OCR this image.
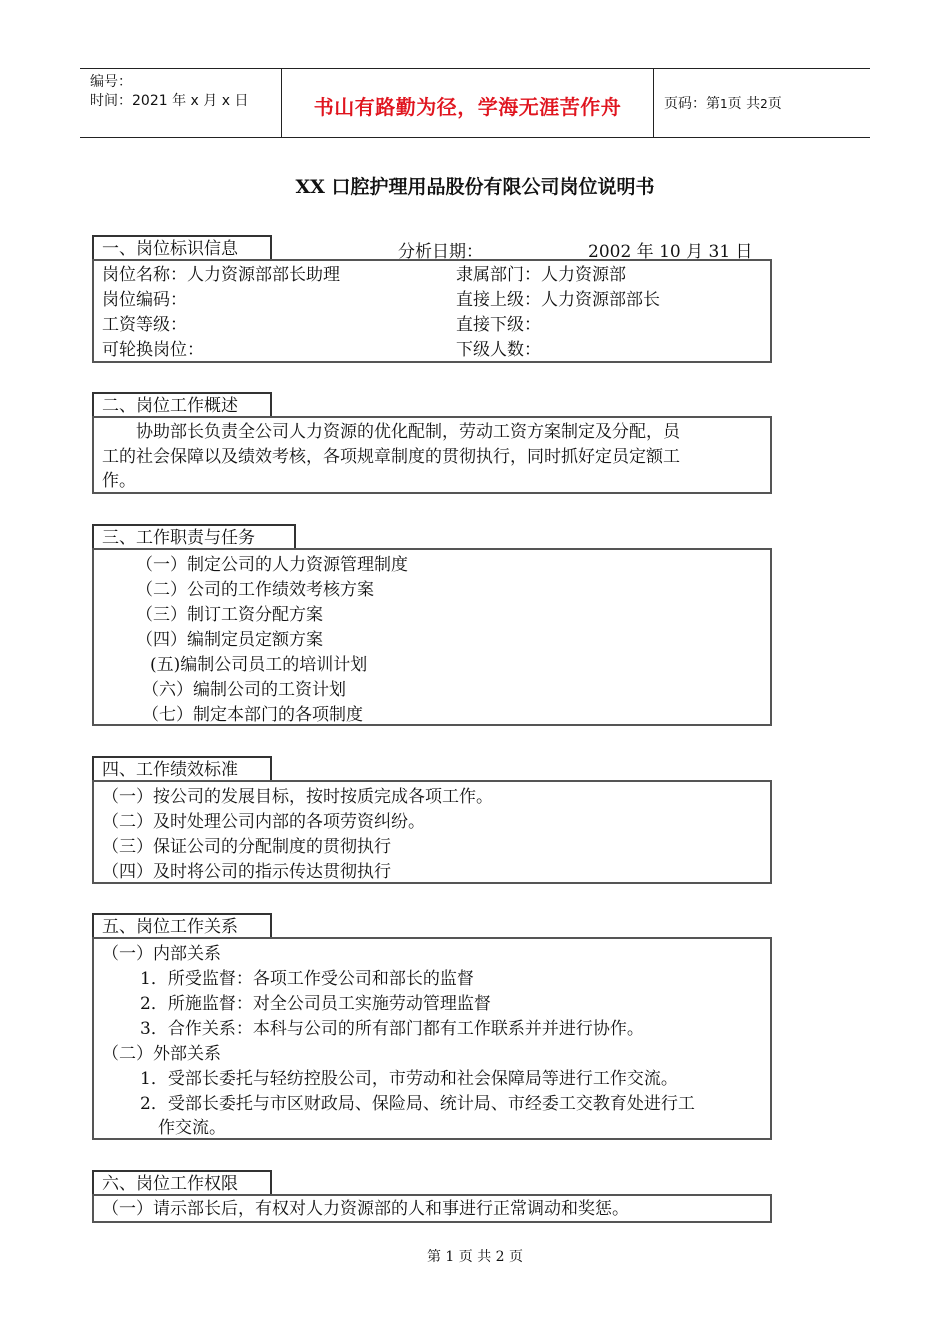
编号：
时间：2021 年 x 月 x 日	书山有路勤为径，学海无涯苦作舟	页码：第1页 共2页
XX 口腔护理用品股份有限公司岗位说明书
一、岗位标识信息	分析日期：	2002 年 10 月 31 日
岗位名称：人力资源部部长助理	隶属部门：人力资源部
岗位编码：	直接上级：人力资源部部长
工资等级：	直接下级：
可轮换岗位：	下级人数：
二、岗位工作概述
协助部长负责全公司人力资源的优化配制，劳动工资方案制定及分配，员
工的社会保障以及绩效考核，各项规章制度的贯彻执行，同时抓好定员定额工
作。
三、工作职责与任务
（一）制定公司的人力资源管理制度
（二）公司的工作绩效考核方案
（三）制订工资分配方案
（四）编制定员定额方案
(五)编制公司员工的培训计划
（六）编制公司的工资计划
（七）制定本部门的各项制度
四、工作绩效标准
（一）按公司的发展目标，按时按质完成各项工作。
（二）及时处理公司内部的各项劳资纠纷。
（三）保证公司的分配制度的贯彻执行
（四）及时将公司的指示传达贯彻执行
五、岗位工作关系
（一）内部关系
1．所受监督：各项工作受公司和部长的监督
2．所施监督：对全公司员工实施劳动管理监督
3．合作关系：本科与公司的所有部门都有工作联系并并进行协作。
（二）外部关系
1．受部长委托与轻纺控股公司，市劳动和社会保障局等进行工作交流。
2．受部长委托与市区财政局、保险局、统计局、市经委工交教育处进行工
作交流。
六、岗位工作权限
（一）请示部长后，有权对人力资源部的人和事进行正常调动和奖惩。
第 1 页 共 2 页
